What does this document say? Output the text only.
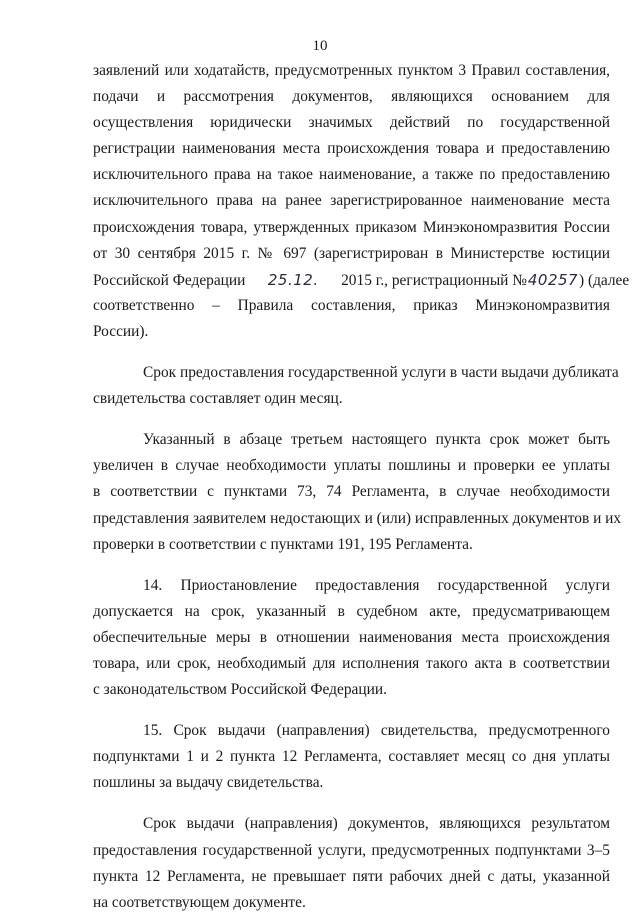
10
заявлений или ходатайств, предусмотренных пунктом 3 Правил составления,
подачи и рассмотрения документов, являющихся основанием для
осуществления юридически значимых действий по государственной
регистрации наименования места происхождения товара и предоставлению
исключительного права на такое наименование, а также по предоставлению
исключительного права на ранее зарегистрированное наименование места
происхождения товара, утвержденных приказом Минэкономразвития России
от 30 сентября 2015 г. № 697 (зарегистрирован в Министерстве юстиции
Российской Федерации 25.12. 2015 г., регистрационный №40257) (далее
соответственно – Правила составления, приказ Минэкономразвития
России).
Срок предоставления государственной услуги в части выдачи дубликата
свидетельства составляет один месяц.
Указанный в абзаце третьем настоящего пункта срок может быть
увеличен в случае необходимости уплаты пошлины и проверки ее уплаты
в соответствии с пунктами 73, 74 Регламента, в случае необходимости
представления заявителем недостающих и (или) исправленных документов и их
проверки в соответствии с пунктами 191, 195 Регламента.
14. Приостановление предоставления государственной услуги
допускается на срок, указанный в судебном акте, предусматривающем
обеспечительные меры в отношении наименования места происхождения
товара, или срок, необходимый для исполнения такого акта в соответствии
с законодательством Российской Федерации.
15. Срок выдачи (направления) свидетельства, предусмотренного
подпунктами 1 и 2 пункта 12 Регламента, составляет месяц со дня уплаты
пошлины за выдачу свидетельства.
Срок выдачи (направления) документов, являющихся результатом
предоставления государственной услуги, предусмотренных подпунктами 3–5
пункта 12 Регламента, не превышает пяти рабочих дней с даты, указанной
на соответствующем документе.
